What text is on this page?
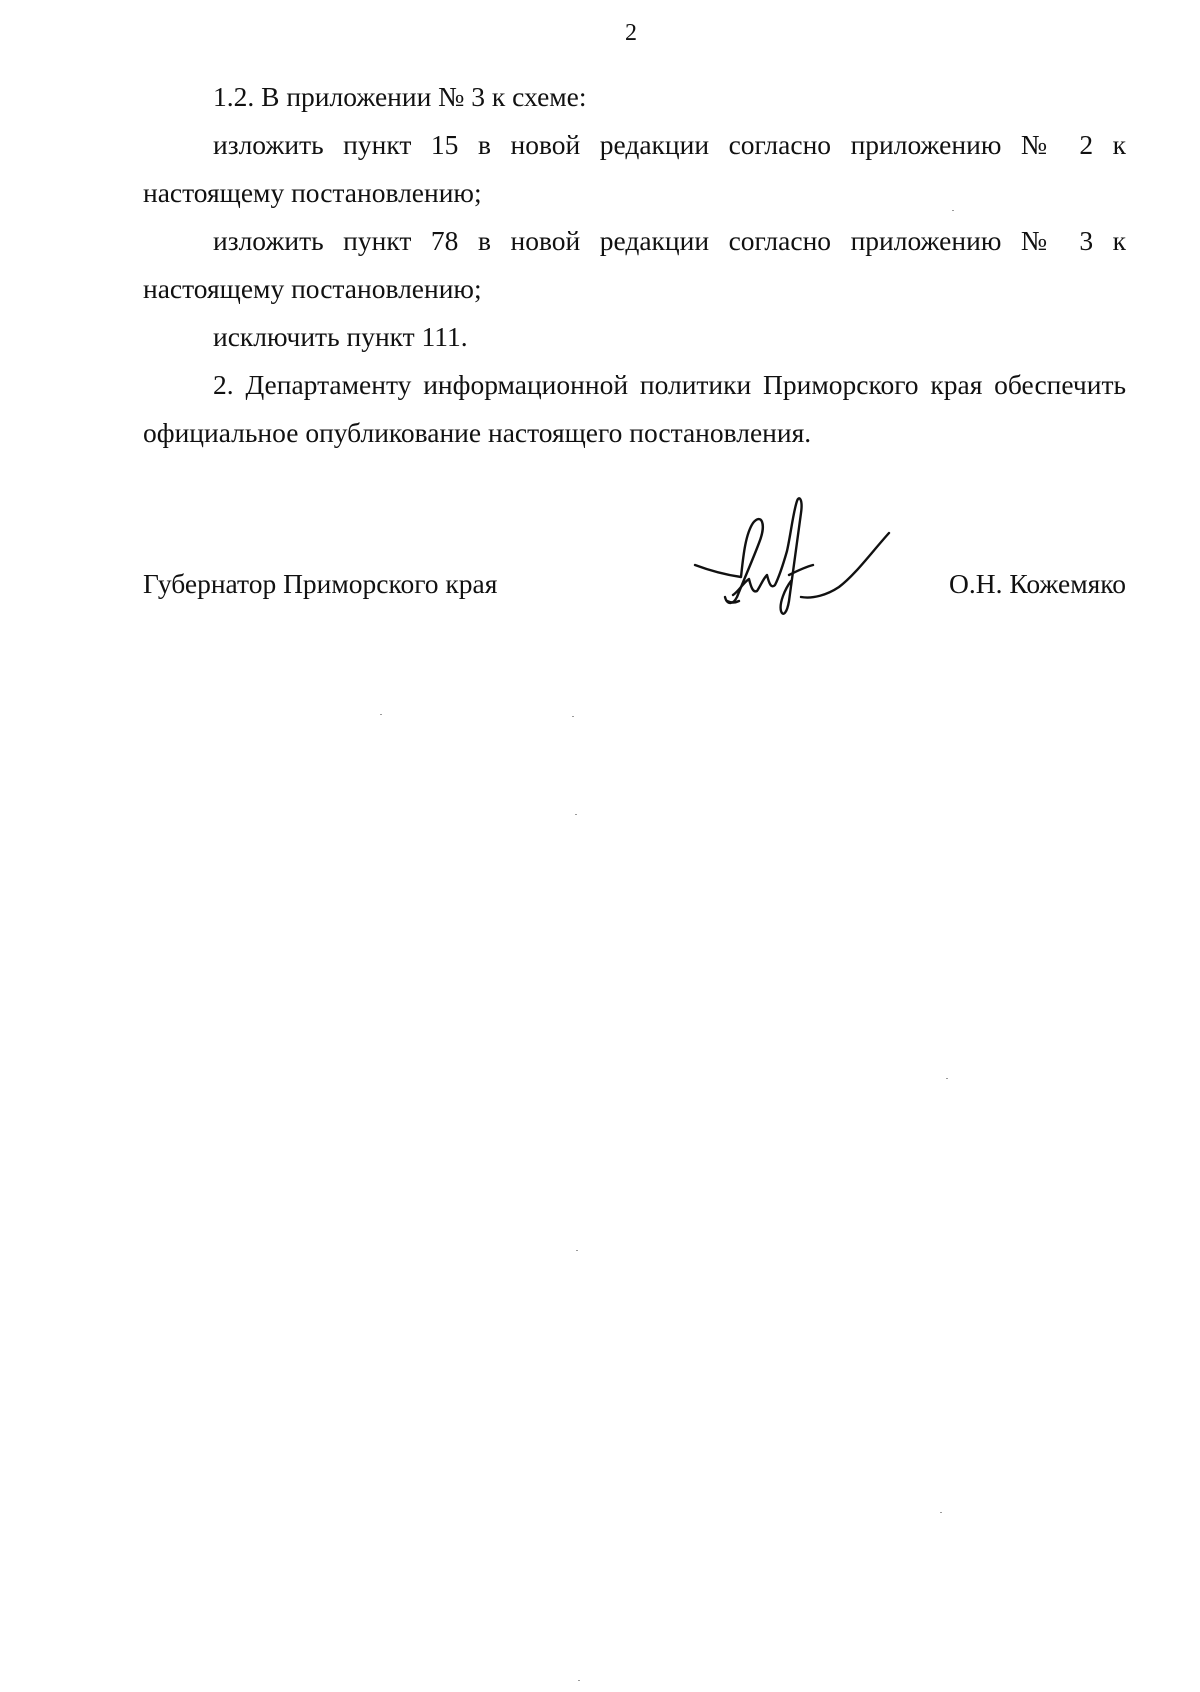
2

1.2. В приложении № 3 к схеме:

изложить пункт 15 в новой редакции согласно приложению № 2 к настоящему постановлению;

изложить пункт 78 в новой редакции согласно приложению № 3 к настоящему постановлению;

исключить пункт 111.

2. Департаменту информационной политики Приморского края обеспечить официальное опубликование настоящего постановления.

Губернатор Приморского края	О.Н. Кожемяко
